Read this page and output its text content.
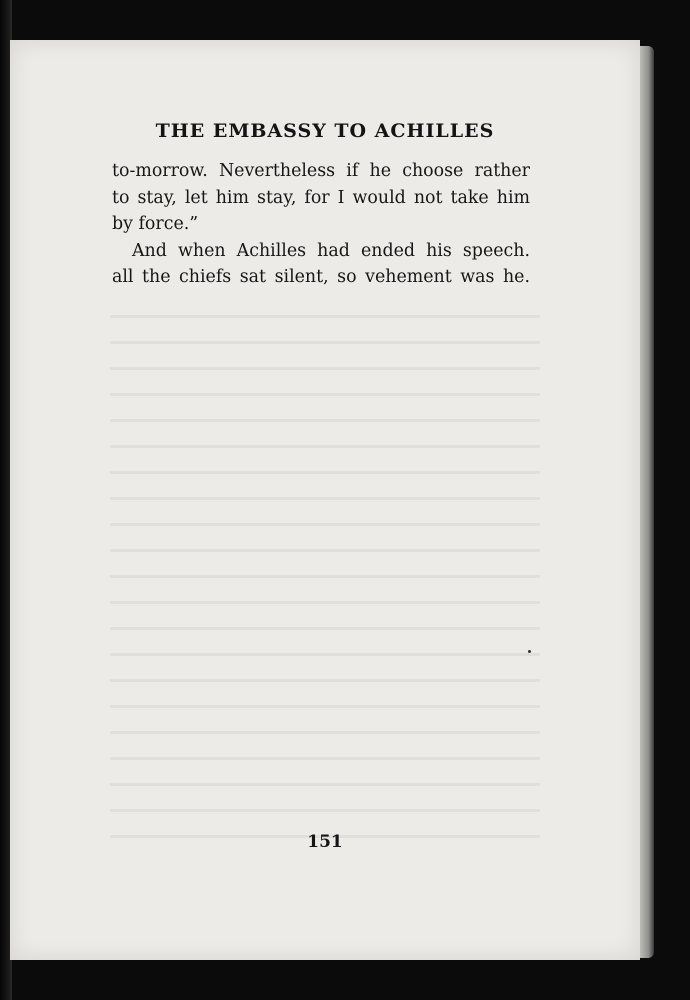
THE EMBASSY TO ACHILLES

to-morrow. Nevertheless if he choose rather

to stay, let him stay, for I would not take him

by force.”

And when Achilles had ended his speech.

all the chiefs sat silent, so vehement was he.

151
